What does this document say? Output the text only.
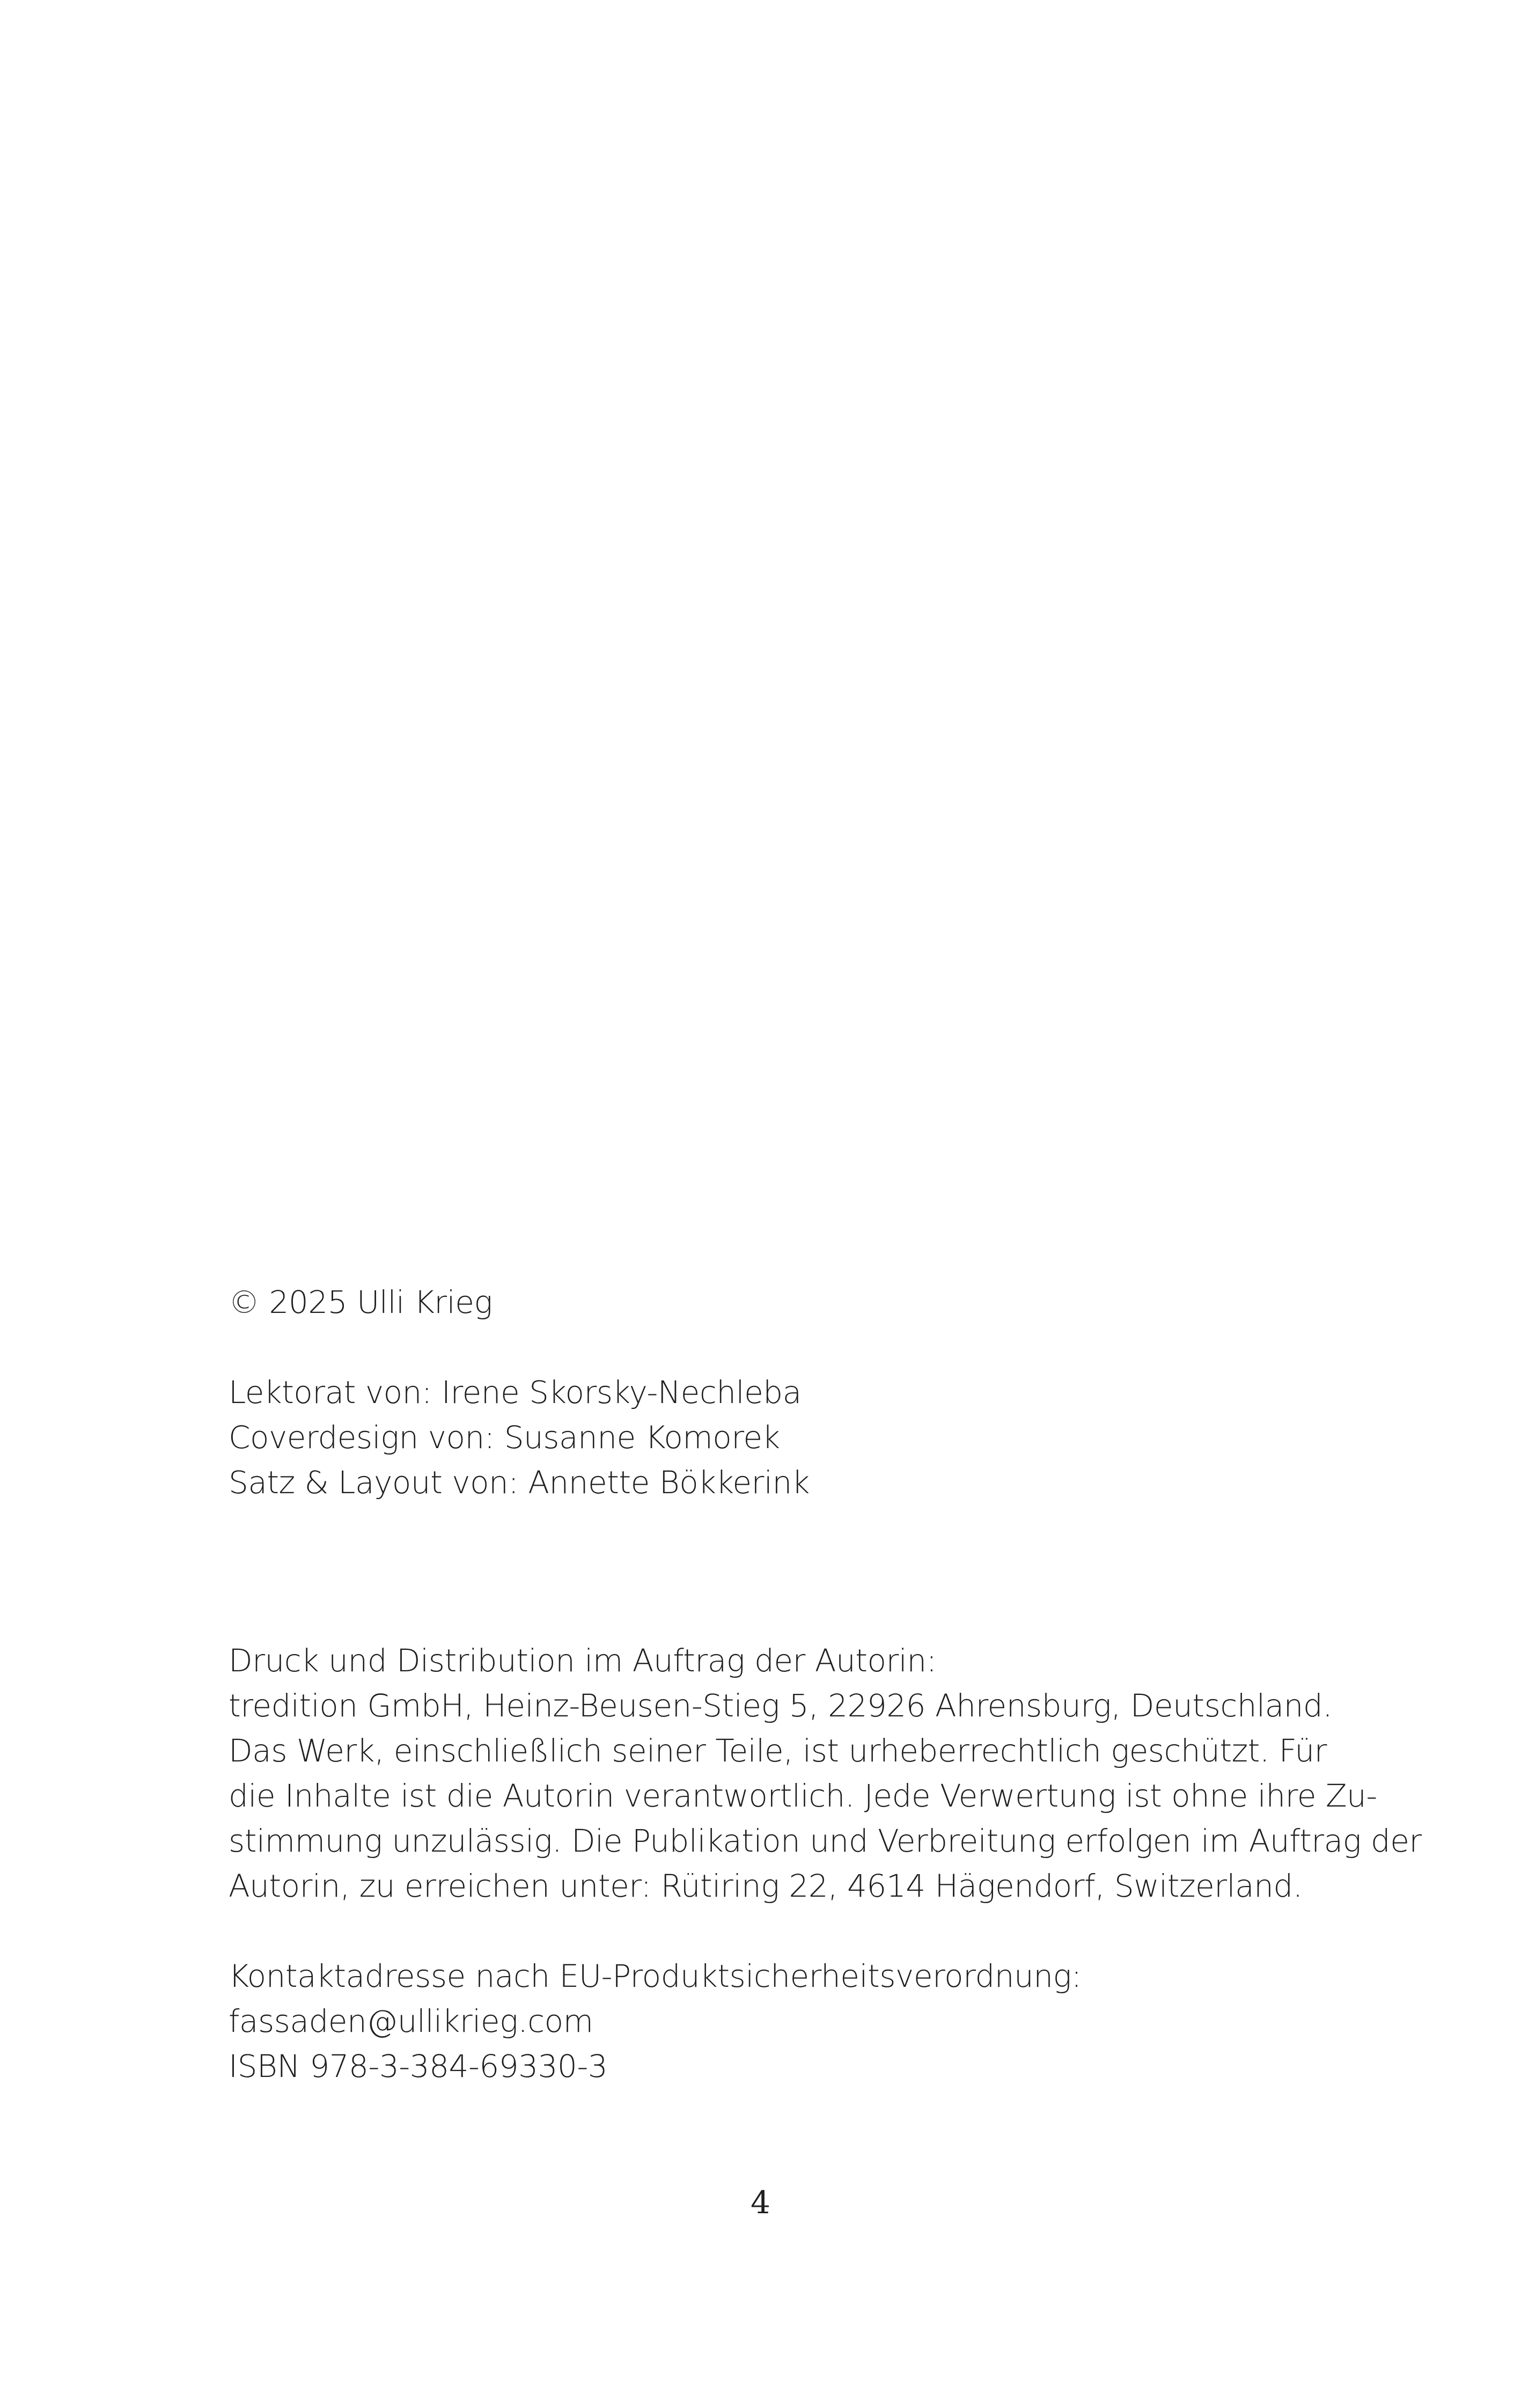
© 2025 Ulli Krieg
Lektorat von: Irene Skorsky-Nechleba
Coverdesign von: Susanne Komorek
Satz & Layout von: Annette Bökkerink
Druck und Distribution im Auftrag der Autorin:
tredition GmbH, Heinz-Beusen-Stieg 5, 22926 Ahrensburg, Deutschland.
Das Werk, einschließlich seiner Teile, ist urheberrechtlich geschützt. Für
die Inhalte ist die Autorin verantwortlich. Jede Verwertung ist ohne ihre Zu-
stimmung unzulässig. Die Publikation und Verbreitung erfolgen im Auftrag der
Autorin, zu erreichen unter: Rütiring 22, 4614 Hägendorf, Switzerland.
Kontaktadresse nach EU-Produktsicherheitsverordnung:
fassaden@ullikrieg.com
ISBN 978-3-384-69330-3
4
